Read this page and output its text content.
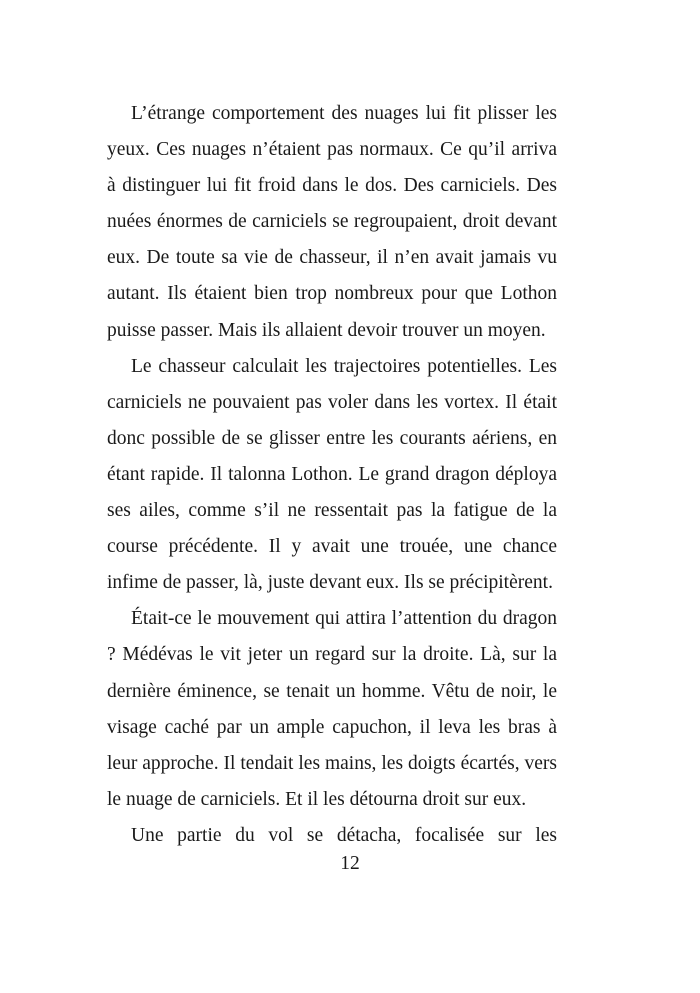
L’étrange comportement des nuages lui fit plisser les yeux. Ces nuages n’étaient pas normaux. Ce qu’il arriva à distinguer lui fit froid dans le dos. Des carniciels. Des nuées énormes de carniciels se regroupaient, droit devant eux. De toute sa vie de chasseur, il n’en avait jamais vu autant. Ils étaient bien trop nombreux pour que Lothon puisse passer. Mais ils allaient devoir trouver un moyen.

Le chasseur calculait les trajectoires potentielles. Les carniciels ne pouvaient pas voler dans les vortex. Il était donc possible de se glisser entre les courants aériens, en étant rapide. Il talonna Lothon. Le grand dragon déploya ses ailes, comme s’il ne ressentait pas la fatigue de la course précédente. Il y avait une trouée, une chance infime de passer, là, juste devant eux. Ils se précipitèrent.

Était-ce le mouvement qui attira l’attention du dragon ? Médévas le vit jeter un regard sur la droite. Là, sur la dernière éminence, se tenait un homme. Vêtu de noir, le visage caché par un ample capuchon, il leva les bras à leur approche. Il tendait les mains, les doigts écartés, vers le nuage de carniciels. Et il les détourna droit sur eux.

Une partie du vol se détacha, focalisée sur les

12
